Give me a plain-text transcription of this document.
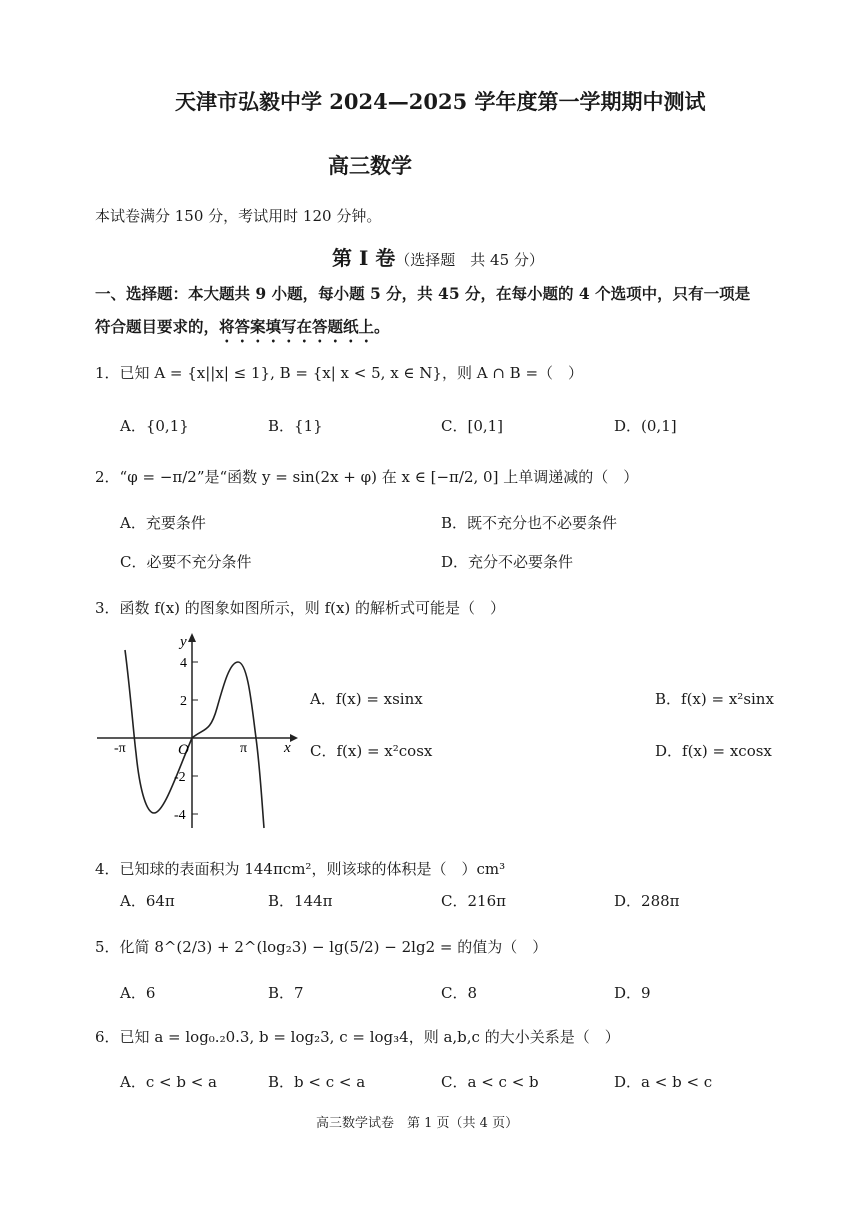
天津市弘毅中学 2024—2025 学年度第一学期期中测试
高三数学
本试卷满分 150 分，考试用时 120 分钟。
第 I 卷（选择题　共 45 分）
一、选择题：本大题共 9 小题，每小题 5 分，共 45 分，在每小题的 4 个选项中，只有一项是
符合题目要求的，将答案填写在答题纸上。
1．已知 A = {x||x| ≤ 1}, B = {x| x < 5, x ∈ N}，则 A ∩ B =（　）
A．{0,1}	B．{1}	C．[0,1]	D．(0,1]
2．“φ = −π/2”是“函数 y = sin(2x + φ) 在 x ∈ [−π/2, 0] 上单调递减的（　）
A．充要条件	B．既不充分也不必要条件
C．必要不充分条件	D．充分不必要条件
3．函数 f(x) 的图象如图所示，则 f(x) 的解析式可能是（　）
y
x
O
-π	π
4
2
-2
-4
A．f(x) = xsinx	B．f(x) = x²sinx
C．f(x) = x²cosx	D．f(x) = xcosx
4．已知球的表面积为 144πcm²，则该球的体积是（　）cm³
A．64π	B．144π	C．216π	D．288π
5．化简 8^(2/3) + 2^(log₂3) − lg(5/2) − 2lg2 = 的值为（　）
A．6	B．7	C．8	D．9
6．已知 a = log₀.₂0.3, b = log₂3, c = log₃4，则 a,b,c 的大小关系是（　）
A．c < b < a	B．b < c < a	C．a < c < b	D．a < b < c
高三数学试卷　第 1 页（共 4 页）
